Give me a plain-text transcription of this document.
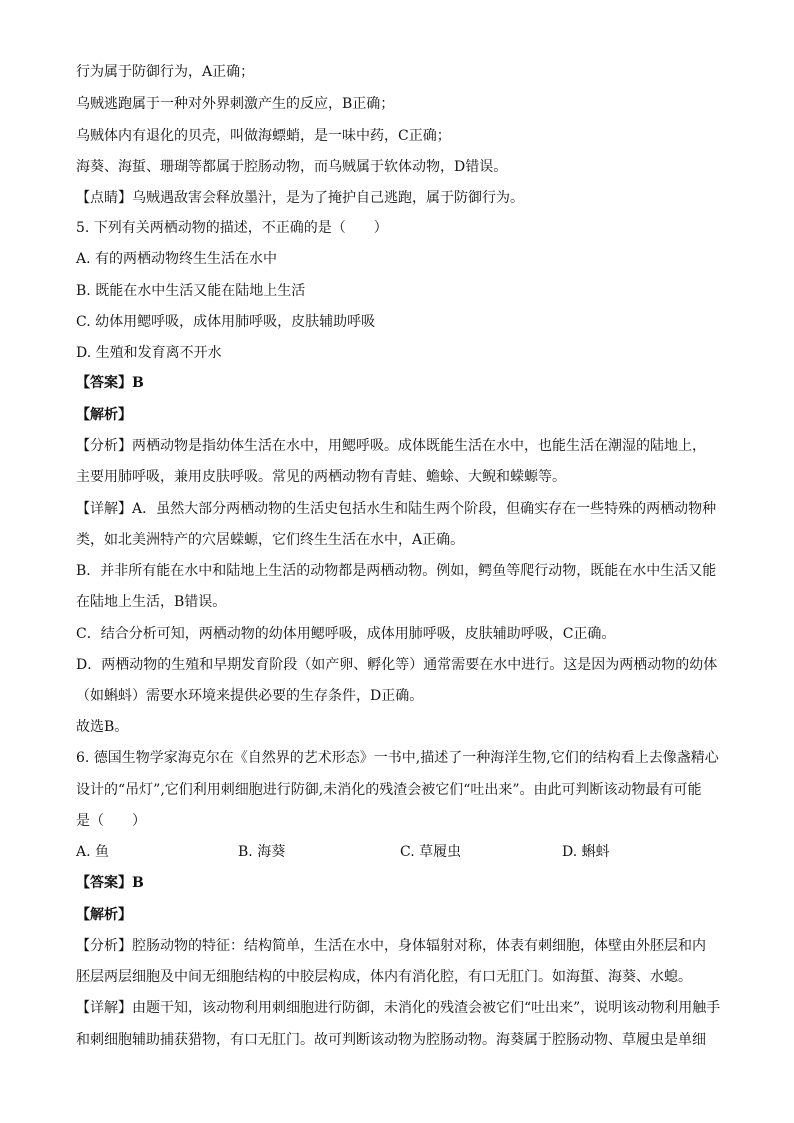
行为属于防御行为，A正确；
乌贼逃跑属于一种对外界刺激产生的反应，B正确；
乌贼体内有退化的贝壳，叫做海螵蛸，是一味中药，C正确；
海葵、海蜇、珊瑚等都属于腔肠动物，而乌贼属于软体动物，D错误。
【点睛】乌贼遇敌害会释放墨汁，是为了掩护自己逃跑，属于防御行为。
5. 下列有关两栖动物的描述，不正确的是（　　）
A. 有的两栖动物终生生活在水中
B. 既能在水中生活又能在陆地上生活
C. 幼体用鳃呼吸，成体用肺呼吸，皮肤辅助呼吸
D. 生殖和发育离不开水
【答案】B
【解析】
【分析】两栖动物是指幼体生活在水中，用鳃呼吸。成体既能生活在水中，也能生活在潮湿的陆地上，
主要用肺呼吸，兼用皮肤呼吸。常见的两栖动物有青蛙、蟾蜍、大鲵和蝾螈等。
【详解】A．虽然大部分两栖动物的生活史包括水生和陆生两个阶段，但确实存在一些特殊的两栖动物种
类，如北美洲特产的穴居蝾螈，它们终生生活在水中，A正确。
B．并非所有能在水中和陆地上生活的动物都是两栖动物。例如，鳄鱼等爬行动物，既能在水中生活又能
在陆地上生活，B错误。
C．结合分析可知，两栖动物的幼体用鳃呼吸，成体用肺呼吸，皮肤辅助呼吸，C正确。
D．两栖动物的生殖和早期发育阶段（如产卵、孵化等）通常需要在水中进行。这是因为两栖动物的幼体
（如蝌蚪）需要水环境来提供必要的生存条件，D正确。
故选B。
6. 德国生物学家海克尔在《自然界的艺术形态》一书中,描述了一种海洋生物,它们的结构看上去像盏精心
设计的“吊灯”,它们利用刺细胞进行防御,未消化的残渣会被它们“吐出来”。由此可判断该动物最有可能
是（　　）
A. 鱼	B. 海葵	C. 草履虫	D. 蝌蚪
【答案】B
【解析】
【分析】腔肠动物的特征：结构简单，生活在水中，身体辐射对称，体表有刺细胞，体壁由外胚层和内
胚层两层细胞及中间无细胞结构的中胶层构成，体内有消化腔，有口无肛门。如海蜇、海葵、水螅。
【详解】由题干知，该动物利用刺细胞进行防御，未消化的残渣会被它们“吐出来”，说明该动物利用触手
和刺细胞辅助捕获猎物，有口无肛门。故可判断该动物为腔肠动物。海葵属于腔肠动物、草履虫是单细
